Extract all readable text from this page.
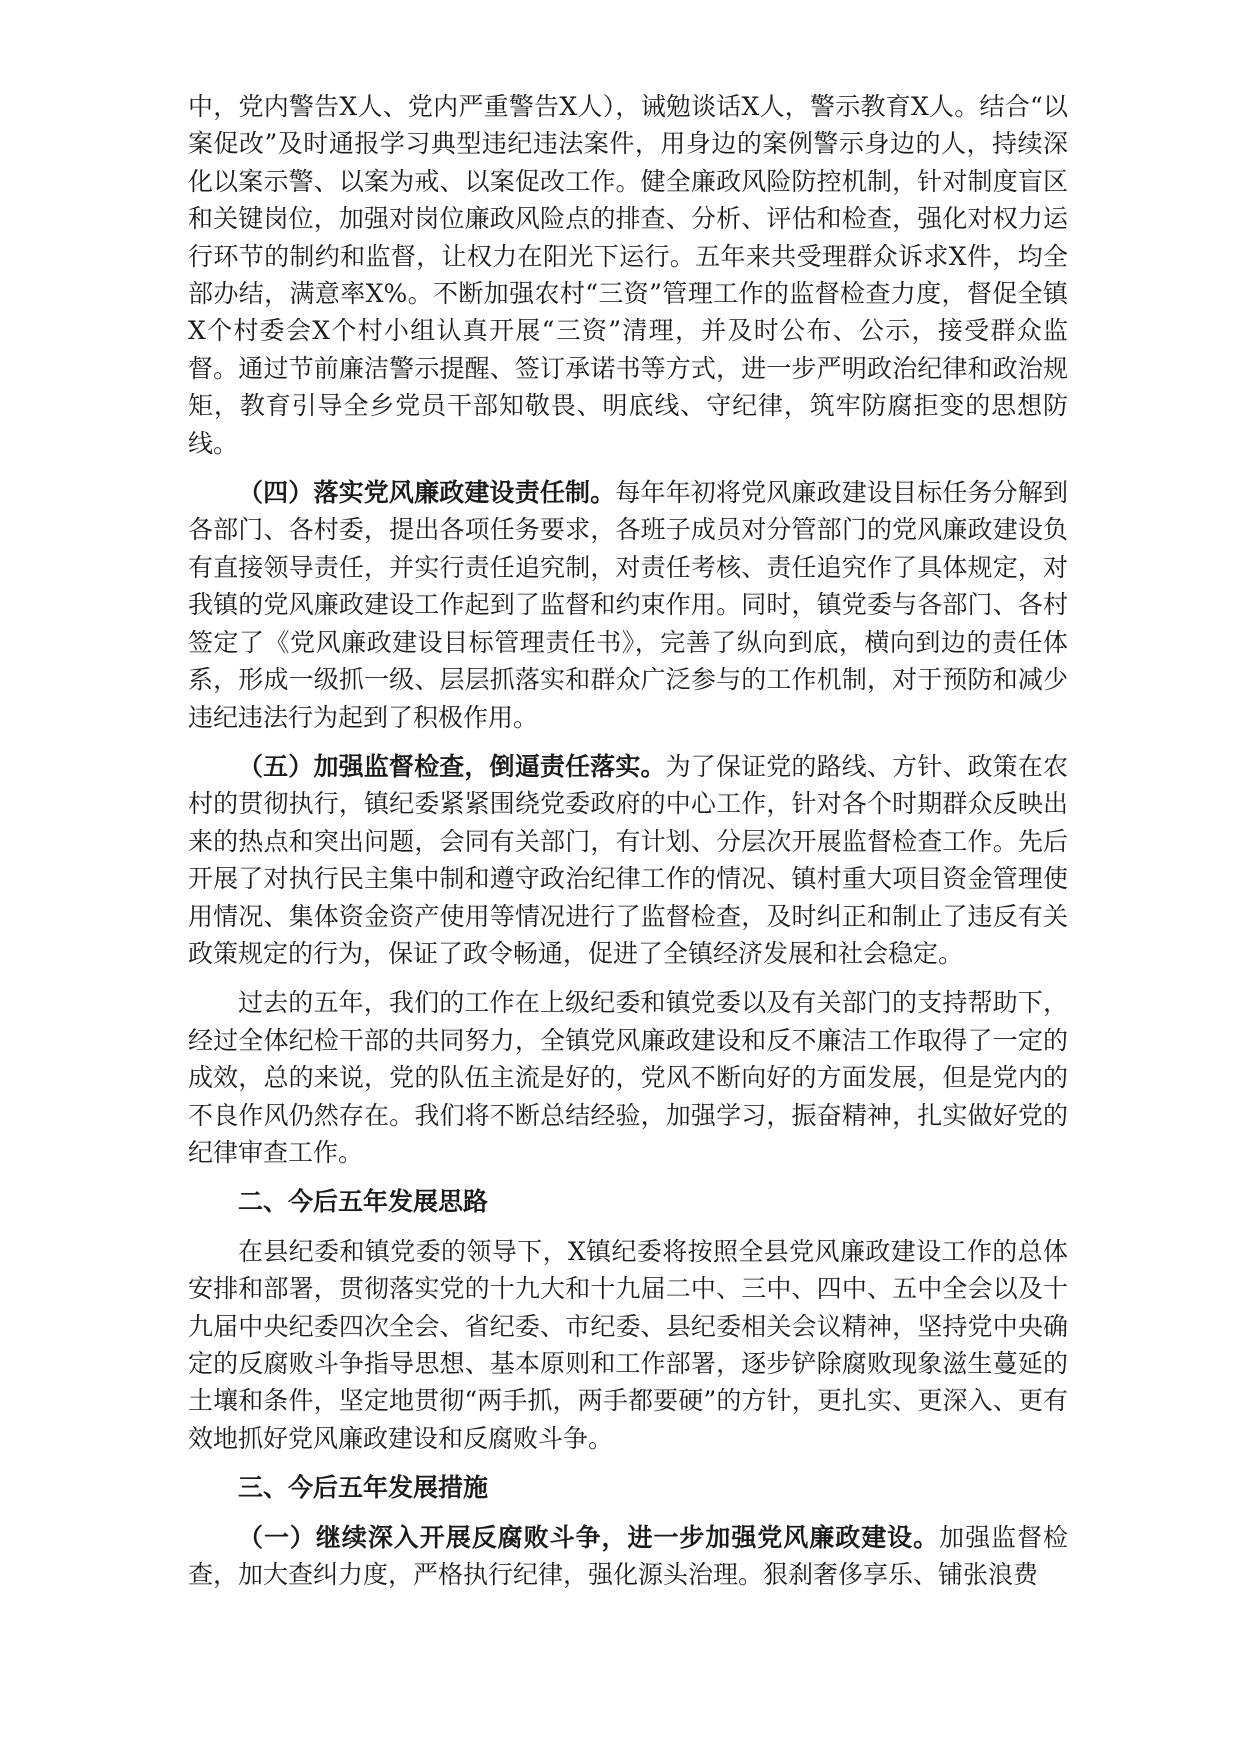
中，党内警告X人、党内严重警告X人），诫勉谈话X人，警示教育X人。结合“以案促改”及时通报学习典型违纪违法案件，用身边的案例警示身边的人，持续深化以案示警、以案为戒、以案促改工作。健全廉政风险防控机制，针对制度盲区和关键岗位，加强对岗位廉政风险点的排查、分析、评估和检查，强化对权力运行环节的制约和监督，让权力在阳光下运行。五年来共受理群众诉求X件，均全部办结，满意率X%。不断加强农村“三资”管理工作的监督检查力度，督促全镇X个村委会X个村小组认真开展“三资”清理，并及时公布、公示，接受群众监督。通过节前廉洁警示提醒、签订承诺书等方式，进一步严明政治纪律和政治规矩，教育引导全乡党员干部知敬畏、明底线、守纪律，筑牢防腐拒变的思想防线。

（四）落实党风廉政建设责任制。每年年初将党风廉政建设目标任务分解到各部门、各村委，提出各项任务要求，各班子成员对分管部门的党风廉政建设负有直接领导责任，并实行责任追究制，对责任考核、责任追究作了具体规定，对我镇的党风廉政建设工作起到了监督和约束作用。同时，镇党委与各部门、各村签定了《党风廉政建设目标管理责任书》，完善了纵向到底，横向到边的责任体系，形成一级抓一级、层层抓落实和群众广泛参与的工作机制，对于预防和减少违纪违法行为起到了积极作用。

（五）加强监督检查，倒逼责任落实。为了保证党的路线、方针、政策在农村的贯彻执行，镇纪委紧紧围绕党委政府的中心工作，针对各个时期群众反映出来的热点和突出问题，会同有关部门，有计划、分层次开展监督检查工作。先后开展了对执行民主集中制和遵守政治纪律工作的情况、镇村重大项目资金管理使用情况、集体资金资产使用等情况进行了监督检查，及时纠正和制止了违反有关政策规定的行为，保证了政令畅通，促进了全镇经济发展和社会稳定。

过去的五年，我们的工作在上级纪委和镇党委以及有关部门的支持帮助下，经过全体纪检干部的共同努力，全镇党风廉政建设和反不廉洁工作取得了一定的成效，总的来说，党的队伍主流是好的，党风不断向好的方面发展，但是党内的不良作风仍然存在。我们将不断总结经验，加强学习，振奋精神，扎实做好党的纪律审查工作。

二、今后五年发展思路

在县纪委和镇党委的领导下，X镇纪委将按照全县党风廉政建设工作的总体安排和部署，贯彻落实党的十九大和十九届二中、三中、四中、五中全会以及十九届中央纪委四次全会、省纪委、市纪委、县纪委相关会议精神，坚持党中央确定的反腐败斗争指导思想、基本原则和工作部署，逐步铲除腐败现象滋生蔓延的土壤和条件，坚定地贯彻“两手抓，两手都要硬”的方针，更扎实、更深入、更有效地抓好党风廉政建设和反腐败斗争。

三、今后五年发展措施

（一）继续深入开展反腐败斗争，进一步加强党风廉政建设。加强监督检查，加大查纠力度，严格执行纪律，强化源头治理。狠刹奢侈享乐、铺张浪费
